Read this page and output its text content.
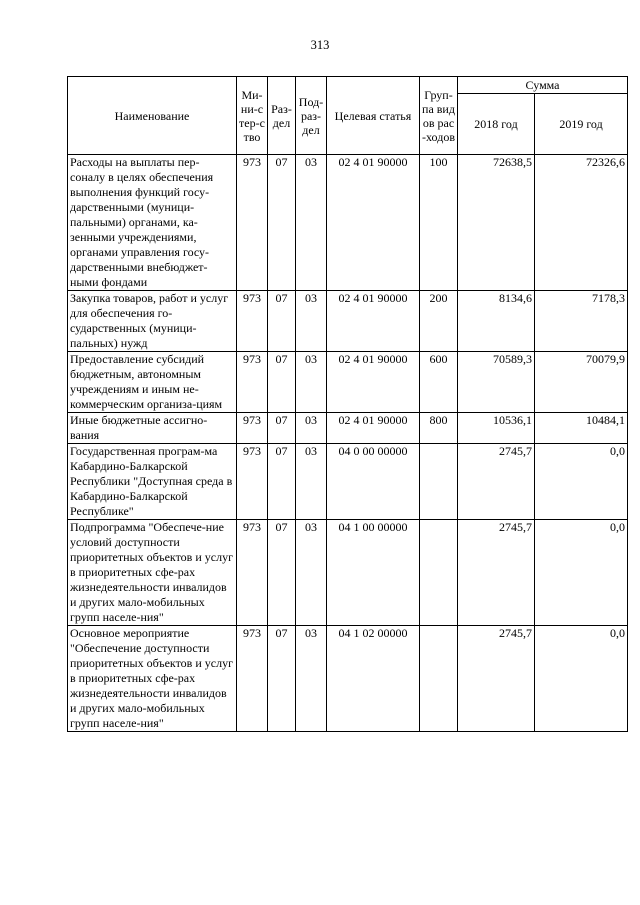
313
Наименование	Ми-ни-стер-ство	Раз-дел	Под-раз-дел	Целевая статья	Груп-па видов рас-ходов	Сумма	
						2018 год	2019 год
Расходы на выплаты пер-соналу в целях обеспечения выполнения функций госу-дарственными (муници-пальными) органами, ка-зенными учреждениями, органами управления госу-дарственными внебюджет-ными фондами	973	07	03	02 4 01 90000	100	72638,5	72326,6
Закупка товаров, работ и услуг для обеспечения го-сударственных (муници-пальных) нужд	973	07	03	02 4 01 90000	200	8134,6	7178,3
Предоставление субсидий бюджетным, автономным учреждениям и иным не-коммерческим организа-циям	973	07	03	02 4 01 90000	600	70589,3	70079,9
Иные бюджетные ассигно-вания	973	07	03	02 4 01 90000	800	10536,1	10484,1
Государственная програм-ма Кабардино-Балкарской Республики "Доступная среда в Кабардино-Балкарской Республике"	973	07	03	04 0 00 00000		2745,7	0,0
Подпрограмма "Обеспече-ние условий доступности приоритетных объектов и услуг в приоритетных сфе-рах жизнедеятельности инвалидов и других мало-мобильных групп населе-ния"	973	07	03	04 1 00 00000		2745,7	0,0
Основное мероприятие "Обеспечение доступности приоритетных объектов и услуг в приоритетных сфе-рах жизнедеятельности инвалидов и других мало-мобильных групп населе-ния"	973	07	03	04 1 02 00000		2745,7	0,0
